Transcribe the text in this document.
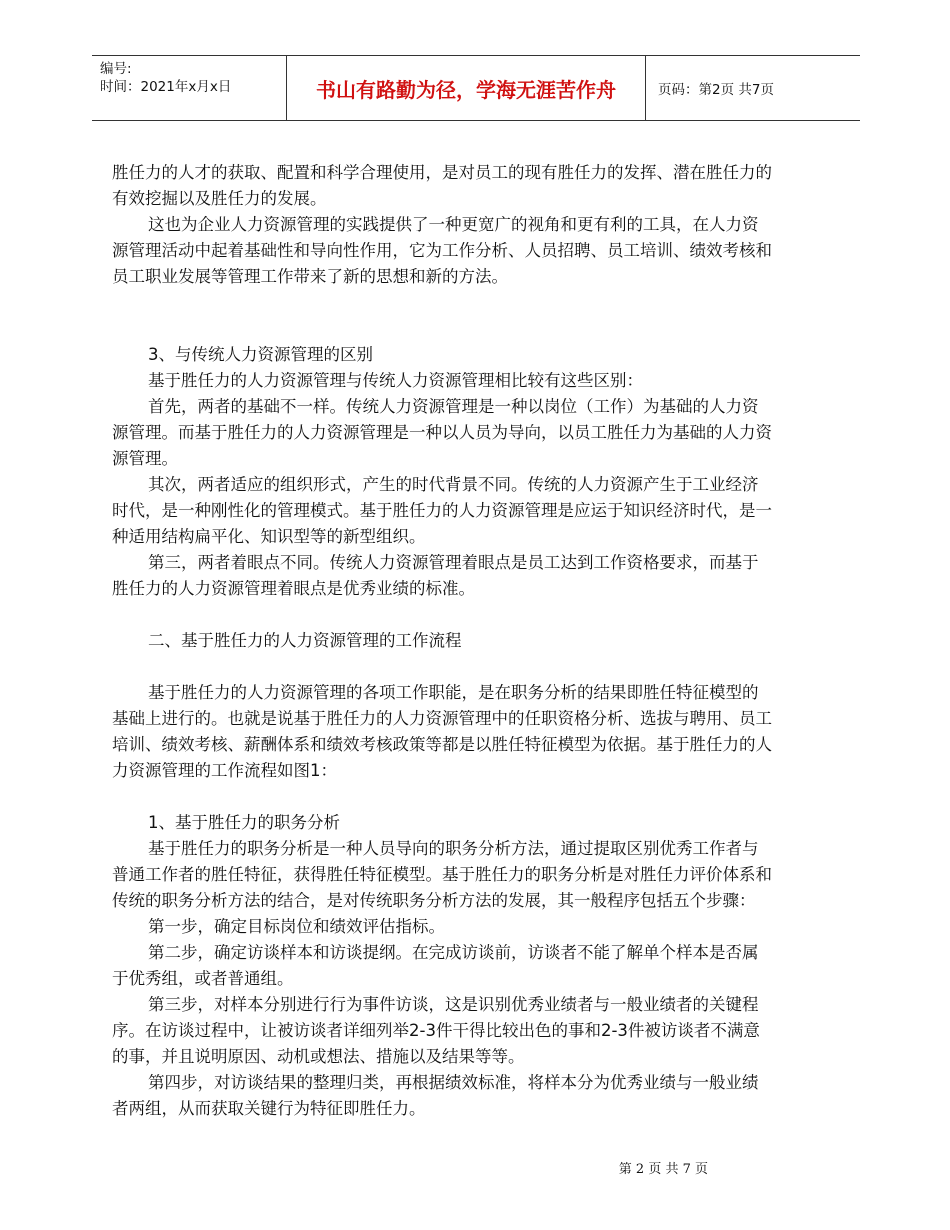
编号:
时间：2021年x月x日	书山有路勤为径，学海无涯苦作舟	页码：第2页 共7页

胜任力的人才的获取、配置和科学合理使用，是对员工的现有胜任力的发挥、潜在胜任力的有效挖掘以及胜任力的发展。

这也为企业人力资源管理的实践提供了一种更宽广的视角和更有利的工具，在人力资源管理活动中起着基础性和导向性作用，它为工作分析、人员招聘、员工培训、绩效考核和员工职业发展等管理工作带来了新的思想和新的方法。

3、与传统人力资源管理的区别

基于胜任力的人力资源管理与传统人力资源管理相比较有这些区别：

首先，两者的基础不一样。传统人力资源管理是一种以岗位（工作）为基础的人力资源管理。而基于胜任力的人力资源管理是一种以人员为导向，以员工胜任力为基础的人力资源管理。

其次，两者适应的组织形式，产生的时代背景不同。传统的人力资源产生于工业经济时代，是一种刚性化的管理模式。基于胜任力的人力资源管理是应运于知识经济时代，是一种适用结构扁平化、知识型等的新型组织。

第三，两者着眼点不同。传统人力资源管理着眼点是员工达到工作资格要求，而基于胜任力的人力资源管理着眼点是优秀业绩的标准。

二、基于胜任力的人力资源管理的工作流程

基于胜任力的人力资源管理的各项工作职能，是在职务分析的结果即胜任特征模型的基础上进行的。也就是说基于胜任力的人力资源管理中的任职资格分析、选拔与聘用、员工培训、绩效考核、薪酬体系和绩效考核政策等都是以胜任特征模型为依据。基于胜任力的人力资源管理的工作流程如图1：

1、基于胜任力的职务分析

基于胜任力的职务分析是一种人员导向的职务分析方法，通过提取区别优秀工作者与普通工作者的胜任特征，获得胜任特征模型。基于胜任力的职务分析是对胜任力评价体系和传统的职务分析方法的结合，是对传统职务分析方法的发展，其一般程序包括五个步骤：

第一步，确定目标岗位和绩效评估指标。

第二步，确定访谈样本和访谈提纲。在完成访谈前，访谈者不能了解单个样本是否属于优秀组，或者普通组。

第三步，对样本分别进行行为事件访谈，这是识别优秀业绩者与一般业绩者的关键程序。在访谈过程中，让被访谈者详细列举2-3件干得比较出色的事和2-3件被访谈者不满意的事，并且说明原因、动机或想法、措施以及结果等等。

第四步，对访谈结果的整理归类，再根据绩效标准，将样本分为优秀业绩与一般业绩者两组，从而获取关键行为特征即胜任力。

第 2 页 共 7 页
